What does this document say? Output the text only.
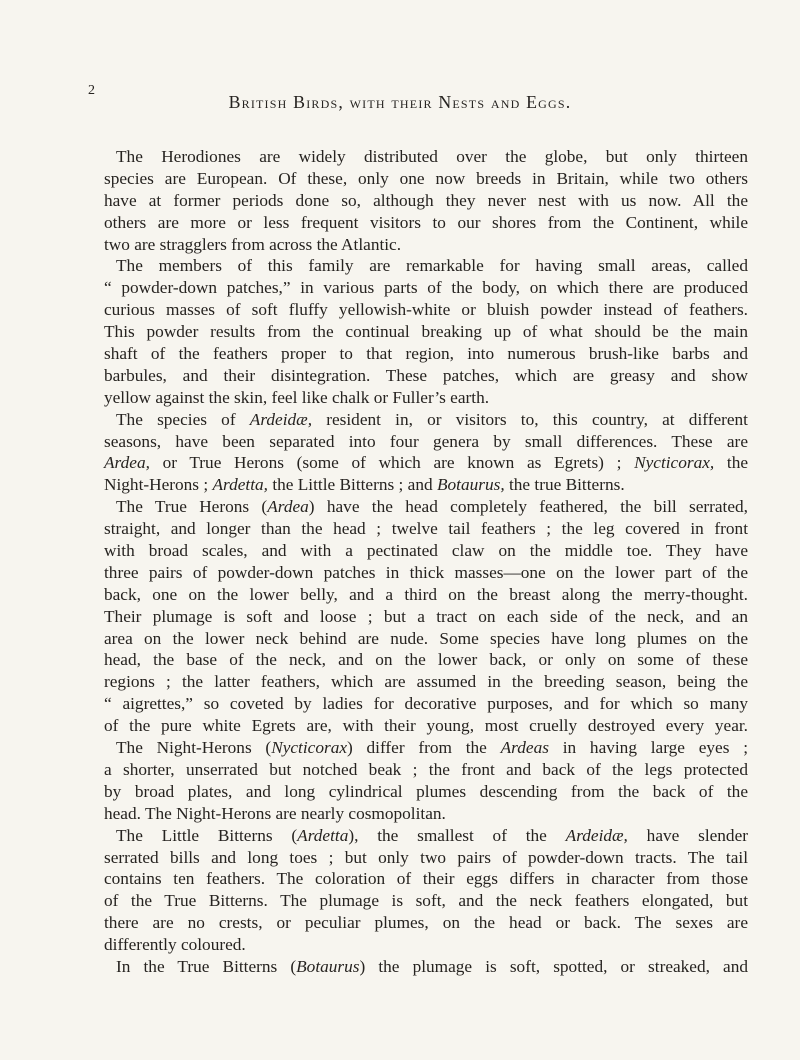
2
British Birds, with their Nests and Eggs.
The Herodiones are widely distributed over the globe, but only thirteen
species are European. Of these, only one now breeds in Britain, while two others
have at former periods done so, although they never nest with us now. All the
others are more or less frequent visitors to our shores from the Continent, while
two are stragglers from across the Atlantic.
The members of this family are remarkable for having small areas, called
“ powder-down patches,” in various parts of the body, on which there are produced
curious masses of soft fluffy yellowish-white or bluish powder instead of feathers.
This powder results from the continual breaking up of what should be the main
shaft of the feathers proper to that region, into numerous brush-like barbs and
barbules, and their disintegration. These patches, which are greasy and show
yellow against the skin, feel like chalk or Fuller’s earth.
The species of Ardeidæ, resident in, or visitors to, this country, at different
seasons, have been separated into four genera by small differences. These are
Ardea, or True Herons (some of which are known as Egrets) ; Nycticorax, the
Night-Herons ; Ardetta, the Little Bitterns ; and Botaurus, the true Bitterns.
The True Herons (Ardea) have the head completely feathered, the bill serrated,
straight, and longer than the head ; twelve tail feathers ; the leg covered in front
with broad scales, and with a pectinated claw on the middle toe. They have
three pairs of powder-down patches in thick masses—one on the lower part of the
back, one on the lower belly, and a third on the breast along the merry-thought.
Their plumage is soft and loose ; but a tract on each side of the neck, and an
area on the lower neck behind are nude. Some species have long plumes on the
head, the base of the neck, and on the lower back, or only on some of these
regions ; the latter feathers, which are assumed in the breeding season, being the
“ aigrettes,” so coveted by ladies for decorative purposes, and for which so many
of the pure white Egrets are, with their young, most cruelly destroyed every year.
The Night-Herons (Nycticorax) differ from the Ardeas in having large eyes ;
a shorter, unserrated but notched beak ; the front and back of the legs protected
by broad plates, and long cylindrical plumes descending from the back of the
head. The Night-Herons are nearly cosmopolitan.
The Little Bitterns (Ardetta), the smallest of the Ardeidæ, have slender
serrated bills and long toes ; but only two pairs of powder-down tracts. The tail
contains ten feathers. The coloration of their eggs differs in character from those
of the True Bitterns. The plumage is soft, and the neck feathers elongated, but
there are no crests, or peculiar plumes, on the head or back. The sexes are
differently coloured.
In the True Bitterns (Botaurus) the plumage is soft, spotted, or streaked, and
